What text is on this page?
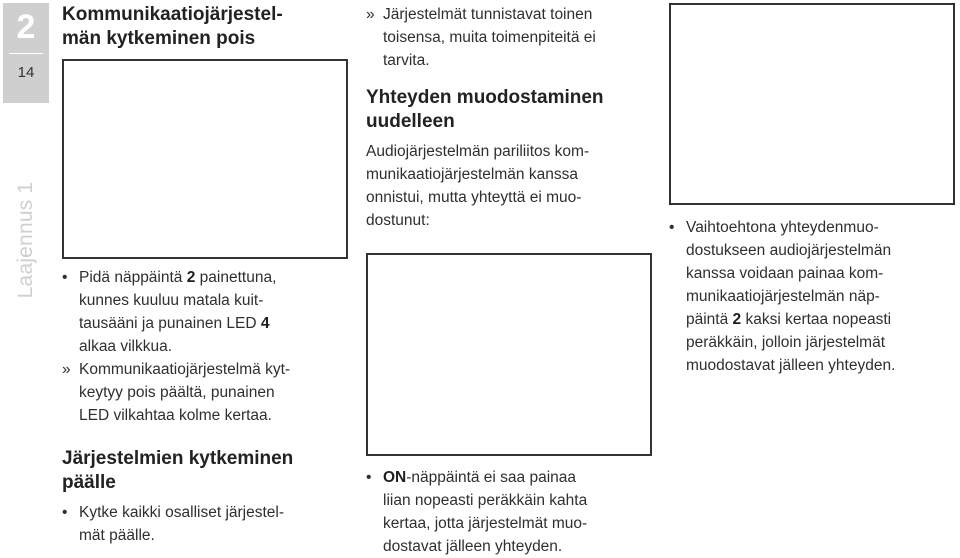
2
14
Laajennus 1
Kommunikaatiojärjestel-
män kytkeminen pois
• Pidä näppäintä 2 painettuna,
kunnes kuuluu matala kuit-
tausääni ja punainen LED 4
alkaa vilkkua.
» Kommunikaatiojärjestelmä kyt-
keytyy pois päältä, punainen
LED vilkahtaa kolme kertaa.
Järjestelmien kytkeminen
päälle
• Kytke kaikki osalliset järjestel-
mät päälle.
» Järjestelmät tunnistavat toinen
toisensa, muita toimenpiteitä ei
tarvita.
Yhteyden muodostaminen
uudelleen
Audiojärjestelmän pariliitos kom-
munikaatiojärjestelmän kanssa
onnistui, mutta yhteyttä ei muo-
dostunut:
• ON-näppäintä ei saa painaa
liian nopeasti peräkkäin kahta
kertaa, jotta järjestelmät muo-
dostavat jälleen yhteyden.
• Vaihtoehtona yhteydenmuo-
dostukseen audiojärjestelmän
kanssa voidaan painaa kom-
munikaatiojärjestelmän näp-
päintä 2 kaksi kertaa nopeasti
peräkkäin, jolloin järjestelmät
muodostavat jälleen yhteyden.
